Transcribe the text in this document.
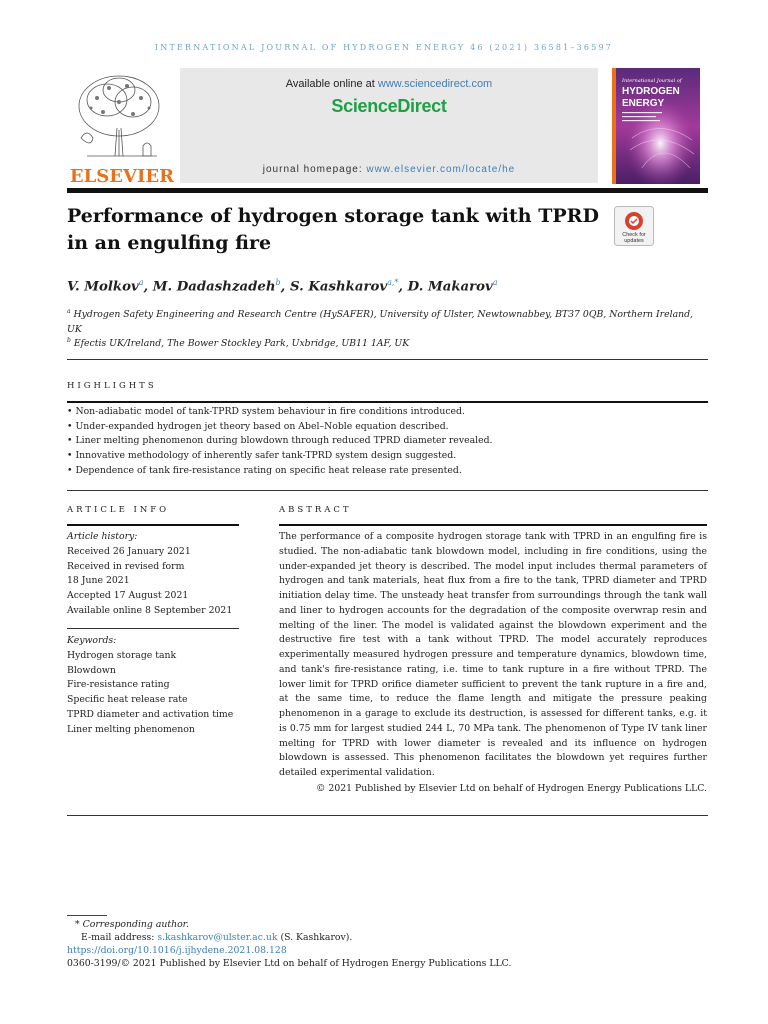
INTERNATIONAL JOURNAL OF HYDROGEN ENERGY 46 (2021) 36581–36597
ELSEVIER
Available online at www.sciencedirect.com
ScienceDirect
journal homepage: www.elsevier.com/locate/he
International Journal of
HYDROGEN
ENERGY
Performance of hydrogen storage tank with TPRD in an engulfing fire	Check for
updates
V. Molkov$^a$, M. Dadashzadeh$^b$, S. Kashkarov$^{a,*}$, D. Makarov$^a$
$^a$ Hydrogen Safety Engineering and Research Centre (HySAFER), University of Ulster, Newtownabbey, BT37 0QB, Northern Ireland, UK
$^b$ Efectis UK/Ireland, The Bower Stockley Park, Uxbridge, UB11 1AF, UK
HIGHLIGHTS
• Non-adiabatic model of tank-TPRD system behaviour in fire conditions introduced.
• Under-expanded hydrogen jet theory based on Abel–Noble equation described.
• Liner melting phenomenon during blowdown through reduced TPRD diameter revealed.
• Innovative methodology of inherently safer tank-TPRD system design suggested.
• Dependence of tank fire-resistance rating on specific heat release rate presented.
ARTICLE INFO
Article history:
Received 26 January 2021
Received in revised form
18 June 2021
Accepted 17 August 2021
Available online 8 September 2021
Keywords:
Hydrogen storage tank
Blowdown
Fire-resistance rating
Specific heat release rate
TPRD diameter and activation time
Liner melting phenomenon
ABSTRACT
The performance of a composite hydrogen storage tank with TPRD in an engulfing fire is studied. The non-adiabatic tank blowdown model, including in fire conditions, using the under-expanded jet theory is described. The model input includes thermal parameters of hydrogen and tank materials, heat flux from a fire to the tank, TPRD diameter and TPRD initiation delay time. The unsteady heat transfer from surroundings through the tank wall and liner to hydrogen accounts for the degradation of the composite overwrap resin and melting of the liner. The model is validated against the blowdown experiment and the destructive fire test with a tank without TPRD. The model accurately reproduces experimentally measured hydrogen pressure and temperature dynamics, blowdown time, and tank's fire-resistance rating, i.e. time to tank rupture in a fire without TPRD. The lower limit for TPRD orifice diameter sufficient to prevent the tank rupture in a fire and, at the same time, to reduce the flame length and mitigate the pressure peaking phenomenon in a garage to exclude its destruction, is assessed for different tanks, e.g. it is 0.75 mm for largest studied 244 L, 70 MPa tank. The phenomenon of Type IV tank liner melting for TPRD with lower diameter is revealed and its influence on hydrogen blowdown is assessed. This phenomenon facilitates the blowdown yet requires further detailed experimental validation.
© 2021 Published by Elsevier Ltd on behalf of Hydrogen Energy Publications LLC.
* Corresponding author.
E-mail address: s.kashkarov@ulster.ac.uk (S. Kashkarov).
https://doi.org/10.1016/j.ijhydene.2021.08.128
0360-3199/© 2021 Published by Elsevier Ltd on behalf of Hydrogen Energy Publications LLC.
